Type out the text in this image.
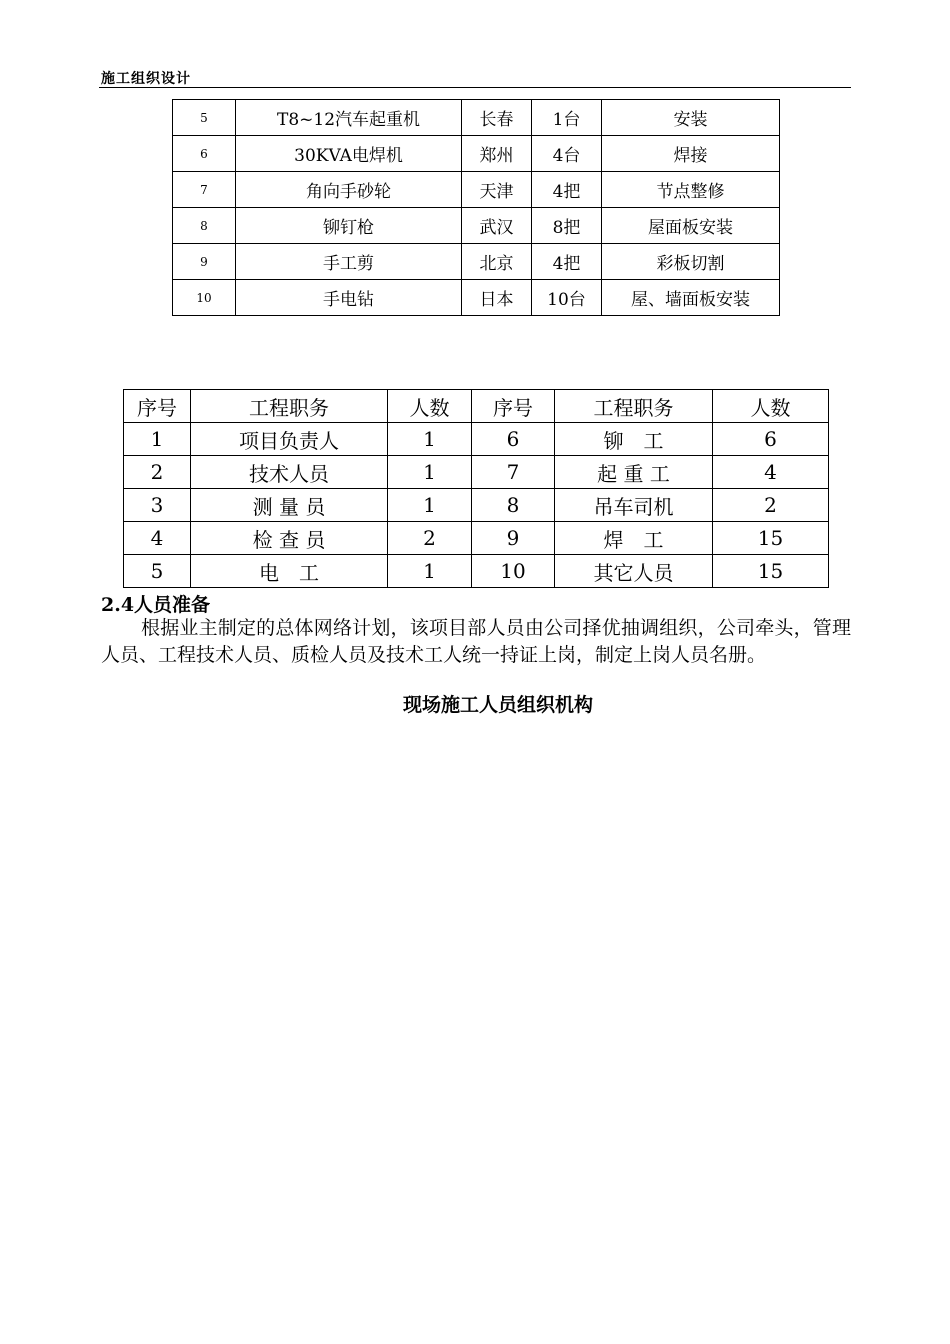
施工组织设计
5	T8~12汽车起重机	长春	1台	安装
6	30KVA电焊机	郑州	4台	焊接
7	角向手砂轮	天津	4把	节点整修
8	铆钉枪	武汉	8把	屋面板安装
9	手工剪	北京	4把	彩板切割
10	手电钻	日本	10台	屋、墙面板安装
序号	工程职务	人数	序号	工程职务	人数
1	项目负责人	1	6	铆　工	6
2	技术人员	1	7	起 重 工	4
3	测 量 员	1	8	吊车司机	2
4	检 查 员	2	9	焊　工	15
5	电　工	1	10	其它人员	15
2.4人员准备
根据业主制定的总体网络计划，该项目部人员由公司择优抽调组织，公司牵头，管理人员、工程技术人员、质检人员及技术工人统一持证上岗，制定上岗人员名册。
现场施工人员组织机构
